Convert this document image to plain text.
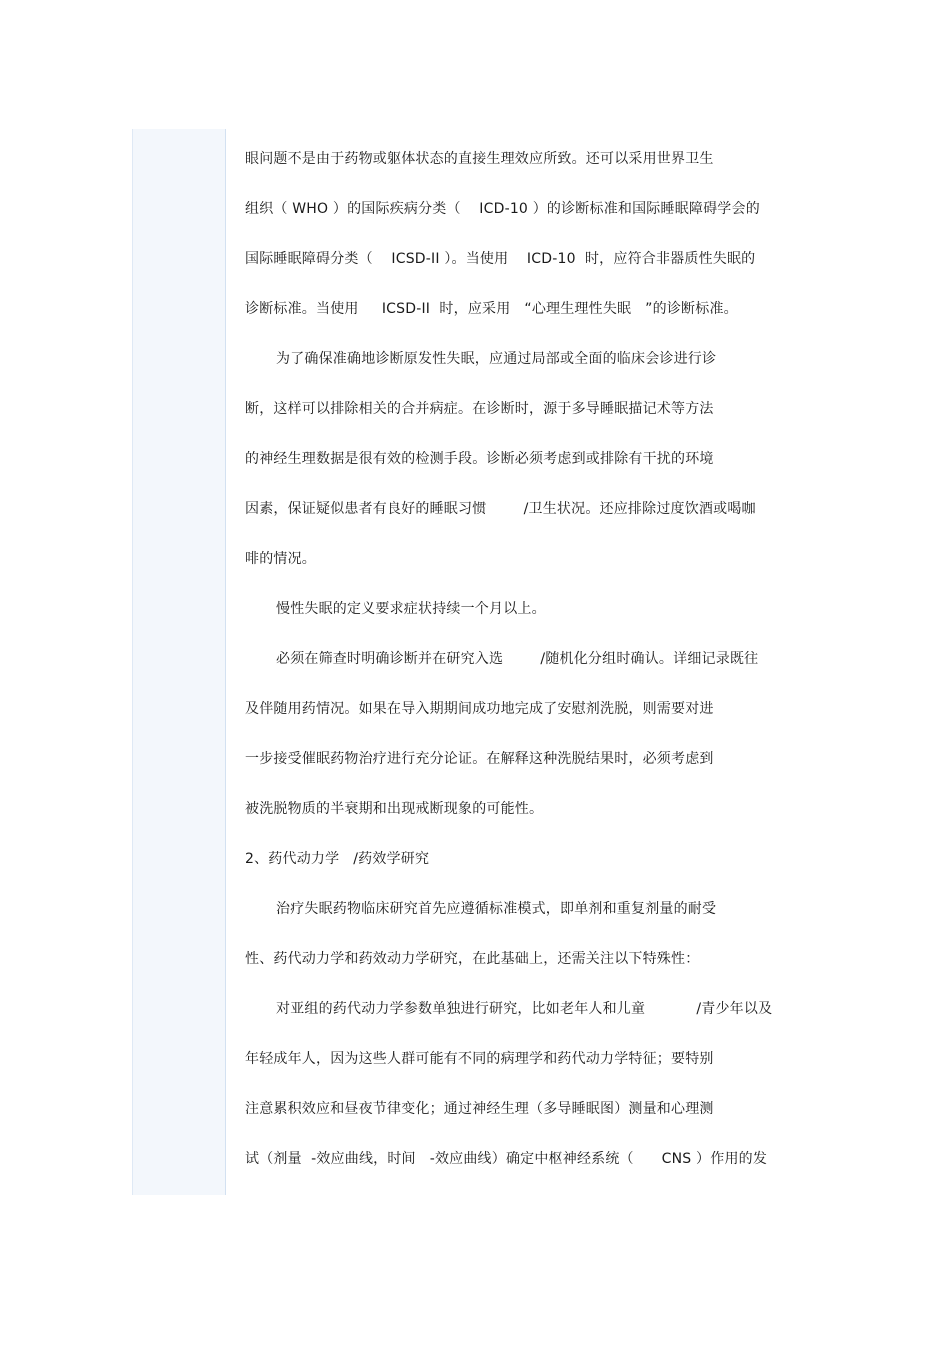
眼问题不是由于药物或躯体状态的直接生理效应所致。还可以采用世界卫生
组织（ WHO ）的国际疾病分类（    ICD-10 ）的诊断标准和国际睡眠障碍学会的
国际睡眠障碍分类（    ICSD-II ）。当使用    ICD-10  时，应符合非器质性失眠的
诊断标准。当使用     ICSD-II  时，应采用   “心理生理性失眠   ”的诊断标准。
为了确保准确地诊断原发性失眠，应通过局部或全面的临床会诊进行诊
断，这样可以排除相关的合并病症。在诊断时，源于多导睡眠描记术等方法
的神经生理数据是很有效的检测手段。诊断必须考虑到或排除有干扰的环境
因素，保证疑似患者有良好的睡眠习惯        /卫生状况。还应排除过度饮酒或喝咖
啡的情况。
慢性失眠的定义要求症状持续一个月以上。
必须在筛查时明确诊断并在研究入选        /随机化分组时确认。详细记录既往
及伴随用药情况。如果在导入期期间成功地完成了安慰剂洗脱，则需要对进
一步接受催眠药物治疗进行充分论证。在解释这种洗脱结果时，必须考虑到
被洗脱物质的半衰期和出现戒断现象的可能性。
2、药代动力学   /药效学研究
治疗失眠药物临床研究首先应遵循标准模式，即单剂和重复剂量的耐受
性、药代动力学和药效动力学研究，在此基础上，还需关注以下特殊性：
对亚组的药代动力学参数单独进行研究，比如老年人和儿童           /青少年以及
年轻成年人，因为这些人群可能有不同的病理学和药代动力学特征；要特别
注意累积效应和昼夜节律变化；通过神经生理（多导睡眠图）测量和心理测
试（剂量  -效应曲线，时间   -效应曲线）确定中枢神经系统（      CNS ）作用的发
